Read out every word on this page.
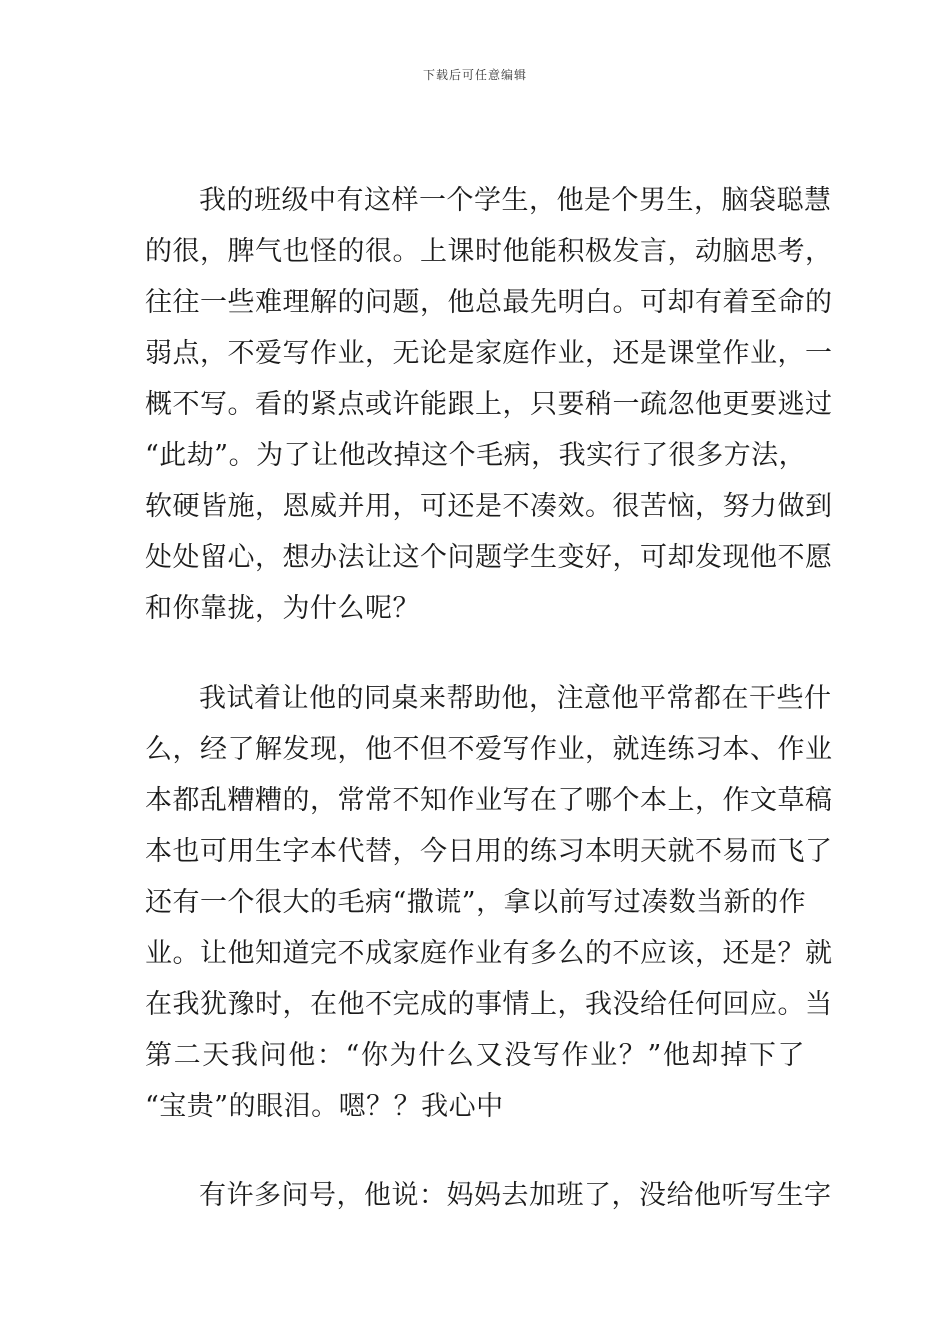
下载后可任意编辑
我的班级中有这样一个学生，他是个男生，脑袋聪慧
的很，脾气也怪的很。上课时他能积极发言，动脑思考，
往往一些难理解的问题，他总最先明白。可却有着至命的
弱点，不爱写作业，无论是家庭作业，还是课堂作业，一
概不写。看的紧点或许能跟上，只要稍一疏忽他更要逃过
“此劫”。为了让他改掉这个毛病，我实行了很多方法，
软硬皆施，恩威并用，可还是不凑效。很苦恼，努力做到
处处留心，想办法让这个问题学生变好，可却发现他不愿
和你靠拢，为什么呢？
我试着让他的同桌来帮助他，注意他平常都在干些什
么，经了解发现，他不但不爱写作业，就连练习本、作业
本都乱糟糟的，常常不知作业写在了哪个本上，作文草稿
本也可用生字本代替，今日用的练习本明天就不易而飞了
还有一个很大的毛病“撒谎”，拿以前写过凑数当新的作
业。让他知道完不成家庭作业有多么的不应该，还是？就
在我犹豫时，在他不完成的事情上，我没给任何回应。当
第二天我问他：“你为什么又没写作业？”他却掉下了
“宝贵”的眼泪。嗯？？我心中
有许多问号，他说：妈妈去加班了，没给他听写生字
